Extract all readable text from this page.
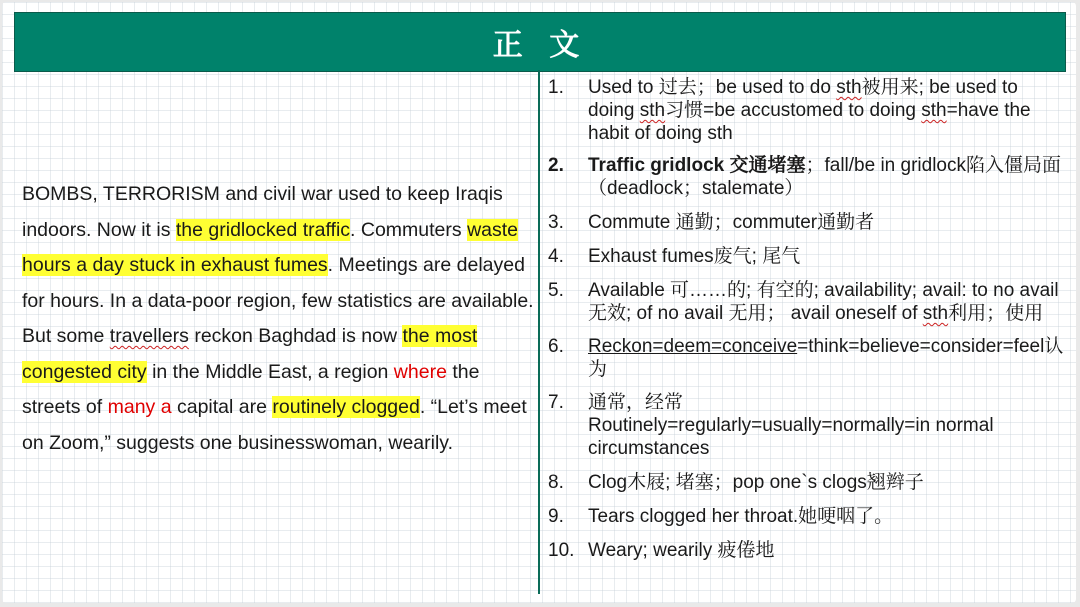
正 文
BOMBS, TERRORISM and civil war used to keep Iraqis indoors. Now it is the gridlocked traffic. Commuters waste hours a day stuck in exhaust fumes. Meetings are delayed for hours. In a data-poor region, few statistics are available. But some travellers reckon Baghdad is now the most congested city in the Middle East, a region where the streets of many a capital are routinely clogged. “Let’s meet on Zoom,” suggests one businesswoman, wearily.
1.	Used to 过去；be used to do sth被用来; be used to doing sth习惯=be accustomed to doing sth=have the habit of doing sth
2.	Traffic gridlock 交通堵塞；fall/be in gridlock陷入僵局面（deadlock；stalemate）
3.	Commute 通勤；commuter通勤者
4.	Exhaust fumes废气; 尾气
5.	Available 可……的; 有空的; availability; avail: to no avail无效; of no avail 无用； avail oneself of sth利用；使用
6.	Reckon=deem=conceive=think=believe=consider=feel认为
7.	通常，经常
Routinely=regularly=usually=normally=in normal circumstances
8.	Clog木屐; 堵塞；pop one`s clogs翘辫子
9.	Tears clogged her throat.她哽咽了。
10. Weary; wearily 疲倦地
